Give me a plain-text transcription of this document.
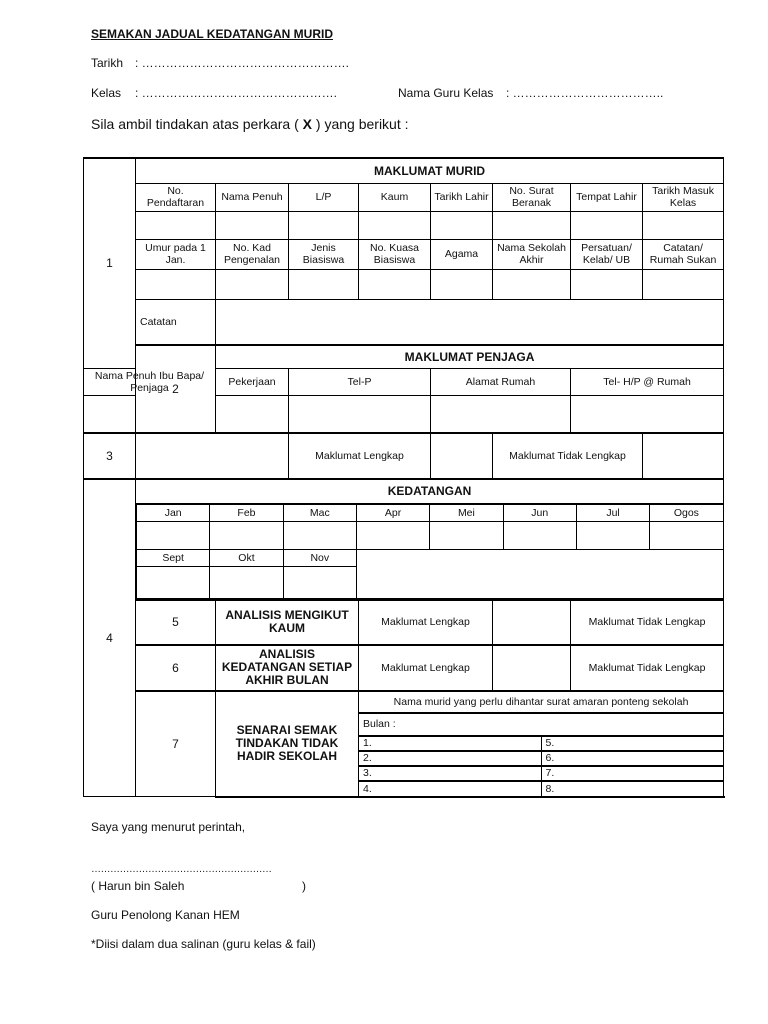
SEMAKAN JADUAL KEDATANGAN MURID
Tarikh : …………………………………………….
Kelas : ………………………………………….	Nama Guru Kelas : ………………………………..
Sila ambil tindakan atas perkara ( X ) yang berikut :
1	MAKLUMAT MURID
No. Pendaftaran	Nama Penuh	L/P	Kaum	Tarikh Lahir	No. Surat Beranak	Tempat Lahir	Tarikh Masuk Kelas

Umur pada 1 Jan.	No. Kad Pengenalan	Jenis Biasiswa	No. Kuasa Biasiswa	Agama	Nama Sekolah Akhir	Persatuan/ Kelab/ UB	Catatan/ Rumah Sukan

Catatan	
2	MAKLUMAT PENJAGA
Nama Penuh Ibu Bapa/ Penjaga	Pekerjaan	Tel-P	Alamat Rumah	Tel- H/P @ Rumah

3		Maklumat Lengkap		Maklumat Tidak Lengkap	
4	KEDATANGAN

Jan	Feb	Mac	Apr	Mei	Jun	Jul	Ogos

Sept	Okt	Nov	

5	ANALISIS MENGIKUT KAUM	Maklumat Lengkap		Maklumat Tidak Lengkap	
6	ANALISIS KEDATANGAN SETIAP AKHIR BULAN	Maklumat Lengkap		Maklumat Tidak Lengkap	
7	SENARAI SEMAK TINDAKAN TIDAK HADIR SEKOLAH	
Nama murid yang perlu dihantar surat amaran ponteng sekolah
Bulan :
1.	5.
2.	6.
3.	7.
4.	8.
Saya yang menurut perintah,
…………………………………………………
( Harun bin Saleh	)
Guru Penolong Kanan HEM
*Diisi dalam dua salinan (guru kelas & fail)
